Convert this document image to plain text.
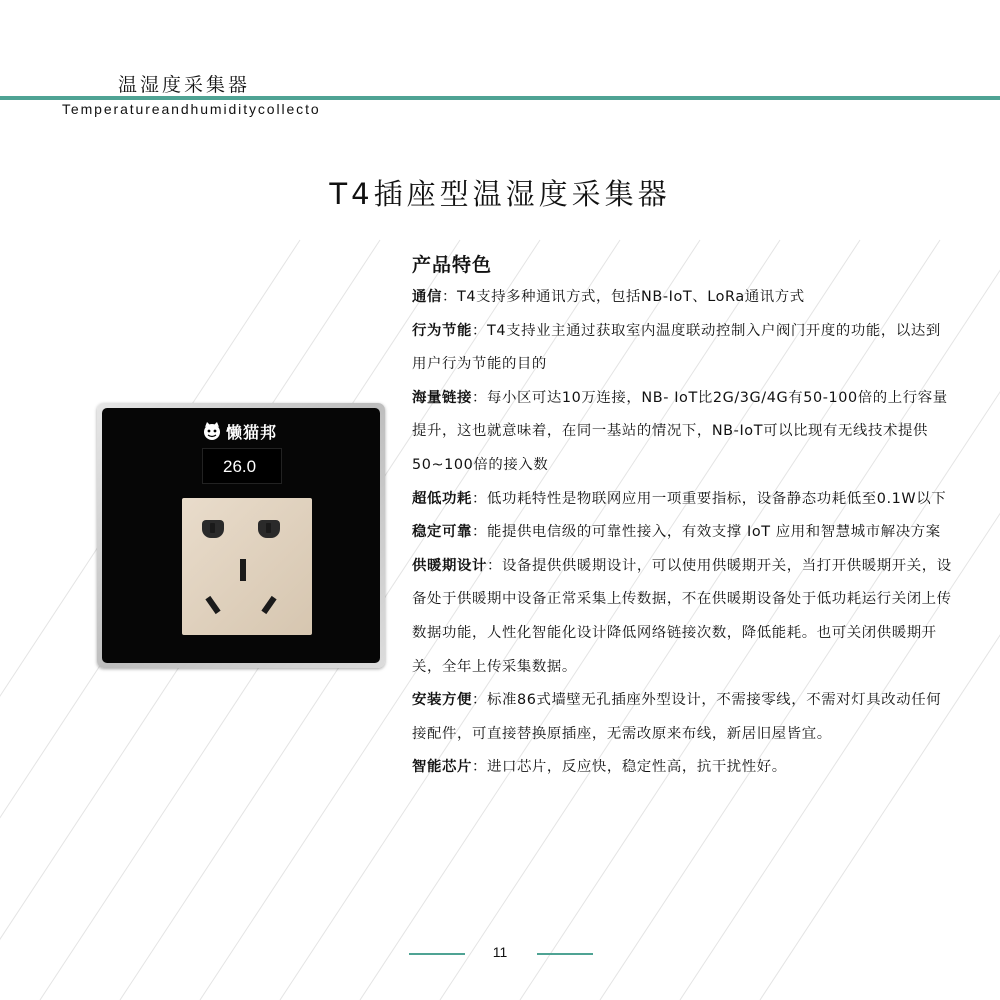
温湿度采集器

Temperatureandhumiditycollecto

T4插座型温湿度采集器
懒猫邦
26.0
产品特色
通信：T4支持多种通讯方式，包括NB-IoT、LoRa通讯方式
行为节能：T4支持业主通过获取室内温度联动控制入户阀门开度的功能，以达到用户行为节能的目的
海量链接：每小区可达10万连接，NB- IoT比2G/3G/4G有50-100倍的上行容量提升，这也就意味着，在同一基站的情况下，NB-IoT可以比现有无线技术提供50~100倍的接入数
超低功耗：低功耗特性是物联网应用一项重要指标，设备静态功耗低至0.1W以下
稳定可靠：能提供电信级的可靠性接入，有效支撑 IoT 应用和智慧城市解决方案
供暖期设计：设备提供供暖期设计，可以使用供暖期开关，当打开供暖期开关，设备处于供暖期中设备正常采集上传数据，不在供暖期设备处于低功耗运行关闭上传数据功能，人性化智能化设计降低网络链接次数，降低能耗。也可关闭供暖期开关，全年上传采集数据。
安装方便：标准86式墙壁无孔插座外型设计，不需接零线，不需对灯具改动任何接配件，可直接替换原插座，无需改原来布线，新居旧屋皆宜。
智能芯片：进口芯片，反应快，稳定性高，抗干扰性好。
11
